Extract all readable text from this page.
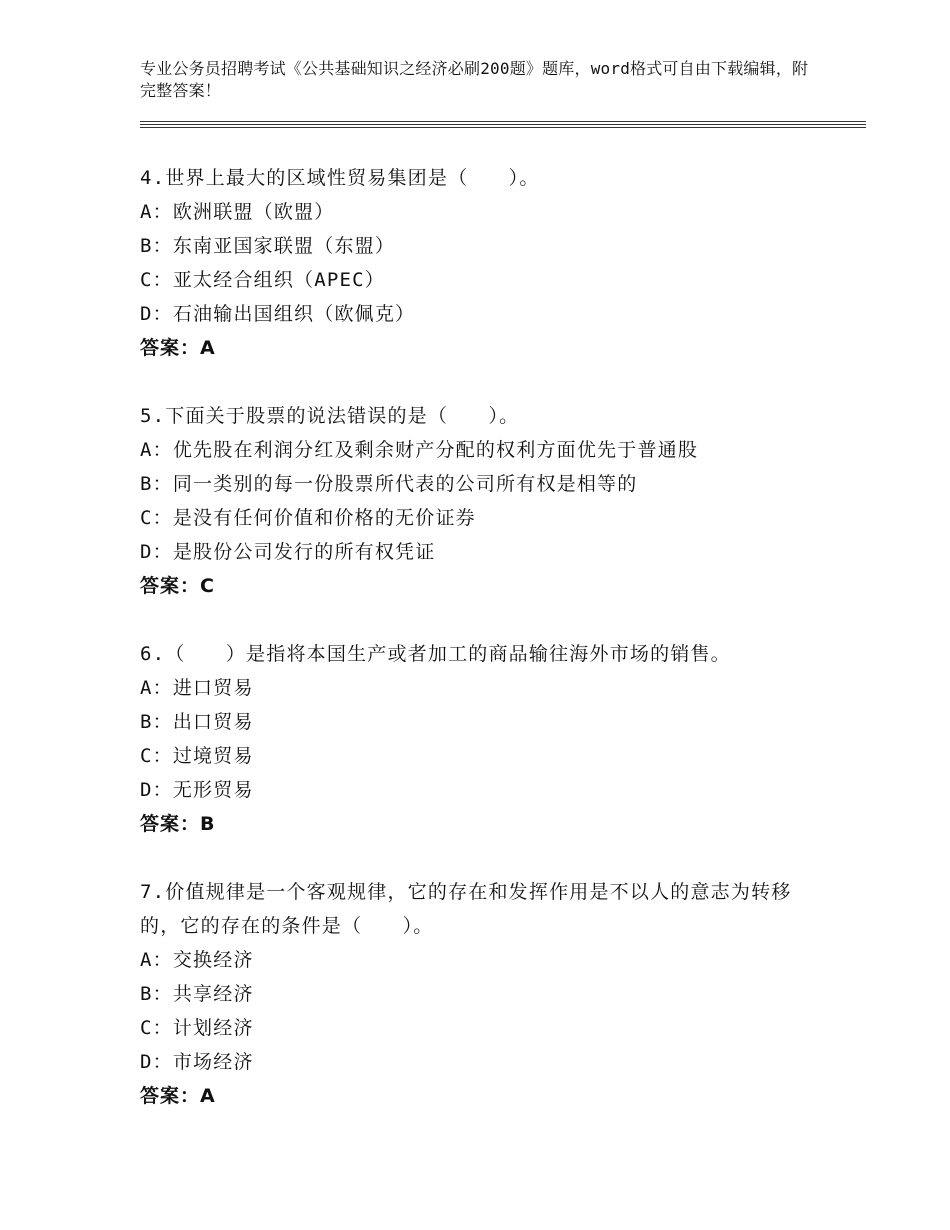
专业公务员招聘考试《公共基础知识之经济必刷200题》题库，word格式可自由下载编辑，附完整答案！
4.世界上最大的区域性贸易集团是（　　）。
A：欧洲联盟（欧盟）
B：东南亚国家联盟（东盟）
C：亚太经合组织（APEC）
D：石油输出国组织（欧佩克）
答案：A
5.下面关于股票的说法错误的是（　　）。
A：优先股在利润分红及剩余财产分配的权利方面优先于普通股
B：同一类别的每一份股票所代表的公司所有权是相等的
C：是没有任何价值和价格的无价证券
D：是股份公司发行的所有权凭证
答案：C
6.（　　）是指将本国生产或者加工的商品输往海外市场的销售。
A：进口贸易
B：出口贸易
C：过境贸易
D：无形贸易
答案：B
7.价值规律是一个客观规律，它的存在和发挥作用是不以人的意志为转移的，它的存在的条件是（　　）。
A：交换经济
B：共享经济
C：计划经济
D：市场经济
答案：A
